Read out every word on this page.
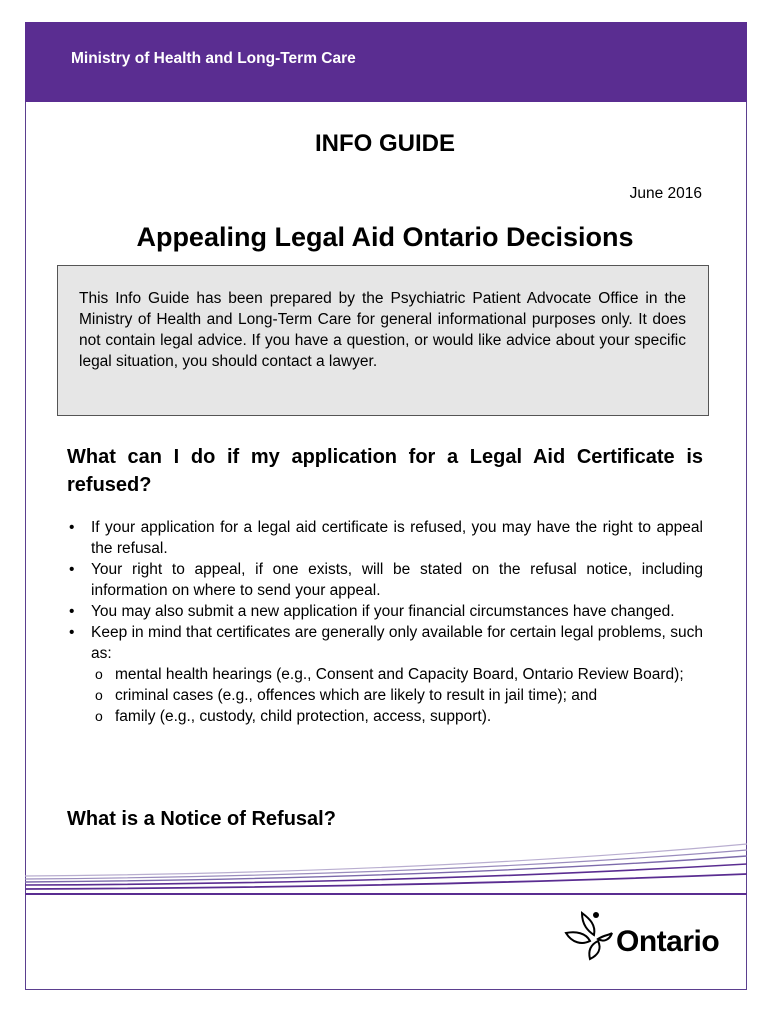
Ministry of Health and Long-Term Care
INFO GUIDE
June 2016
Appealing Legal Aid Ontario Decisions
This Info Guide has been prepared by the Psychiatric Patient Advocate Office in the Ministry of Health and Long-Term Care for general informational purposes only. It does not contain legal advice. If you have a question, or would like advice about your specific legal situation, you should contact a lawyer.
What can I do if my application for a Legal Aid Certificate is refused?
• If your application for a legal aid certificate is refused, you may have the right to appeal the refusal.
• Your right to appeal, if one exists, will be stated on the refusal notice, including information on where to send your appeal.
• You may also submit a new application if your financial circumstances have changed.
• Keep in mind that certificates are generally only available for certain legal problems, such as:
o mental health hearings (e.g., Consent and Capacity Board, Ontario Review Board);
o criminal cases (e.g., offences which are likely to result in jail time); and
o family (e.g., custody, child protection, access, support).
What is a Notice of Refusal?
Ontario
